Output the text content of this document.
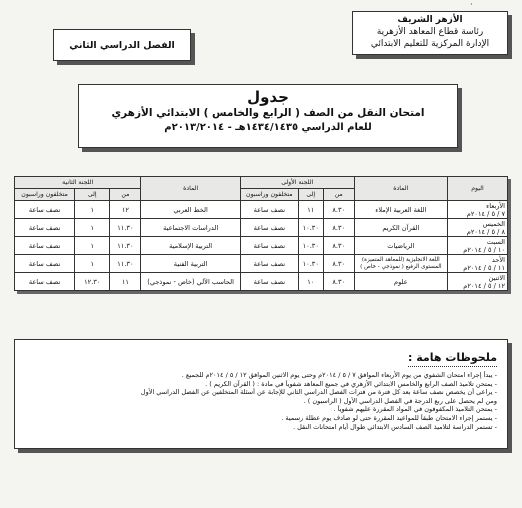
·
الأزهر الشريف
رئاسة قطاع المعاهد الأزهرية
الإدارة المركزية للتعليم الابتدائي
الفصل الدراسي الثاني
جدول
امتحان النقل من الصف ( الرابع والخامس ) الابتدائي الأزهري
للعام الدراسي ١٤٣٤/١٤٣٥هـ - ٢٠١٣/٢٠١٤م
اليوم	المادة	اللجنة الأولى			المادة	اللجنة الثانية		
		من	إلى	متخلفون وراسبون		من	إلى	متخلفون وراسبون

الأربعاء
٧ / ٥ / ٢٠١٤م	اللغة العربية الإملاء	٨.٣٠	١١	نصف ساعة	الخط العربي	١٢	١	نصف ساعة

الخميس
٨ / ٥ / ٢٠١٤م	القرآن الكريم	٨.٣٠	١٠.٣٠	نصف ساعة	الدراسات الاجتماعية	١١.٣٠	١	نصف ساعة

السبت
١٠ / ٥ / ٢٠١٤م	الرياضيات	٨.٣٠	١٠.٣٠	نصف ساعة	التربية الإسلامية	١١.٣٠	١	نصف ساعة

الأحد
١١ / ٥ / ٢٠١٤م	اللغة الانجليزية (للمعاهد المتميزة) المستوى الرفيع ( نموذجي - خاص )	٨.٣٠	١٠.٣٠	نصف ساعة	التربية الفنية	١١.٣٠	١	نصف ساعة

الاثنين
١٢ / ٥ / ٢٠١٤م	علوم	٨.٣٠	١٠	نصف ساعة	الحاسب الآلي (خاص - نموذجي)	١١	١٢.٣٠	نصف ساعة
ملحوظات هامة :
- يبدأ إجراء امتحان الشفوي من يوم الأربعاء الموافق ٧ / ٥ / ٢٠١٤م وحتى يوم الاثنين الموافق ١٢ / ٥ / ٢٠١٤م للجميع .
- يمتحن تلاميذ الصف الرابع والخامس الابتدائي الأزهري في جميع المعاهد شفوياً في مادة : ( القرآن الكريم ) .
- يراعى أن يخصص نصف ساعة بعد كل فترة من فترات الفصل الدراسي الثاني للإجابة عن أسئلة المتخلفين عن الفصل الدراسي الأول
ومن لم يحصل على ربع الدرجة في الفصل الدراسي الأول ( الراسبون ) .
- يمتحن التلاميذ المكفوفون في المواد المقررة عليهم شفوياً .
- يستمر إجراء الامتحان طبقاً للمواعيد المقررة حتى لو صادف يوم عطلة رسمية .
- تستمر الدراسة لتلاميذ الصف السادس الابتدائي طوال أيام امتحانات النقل .
